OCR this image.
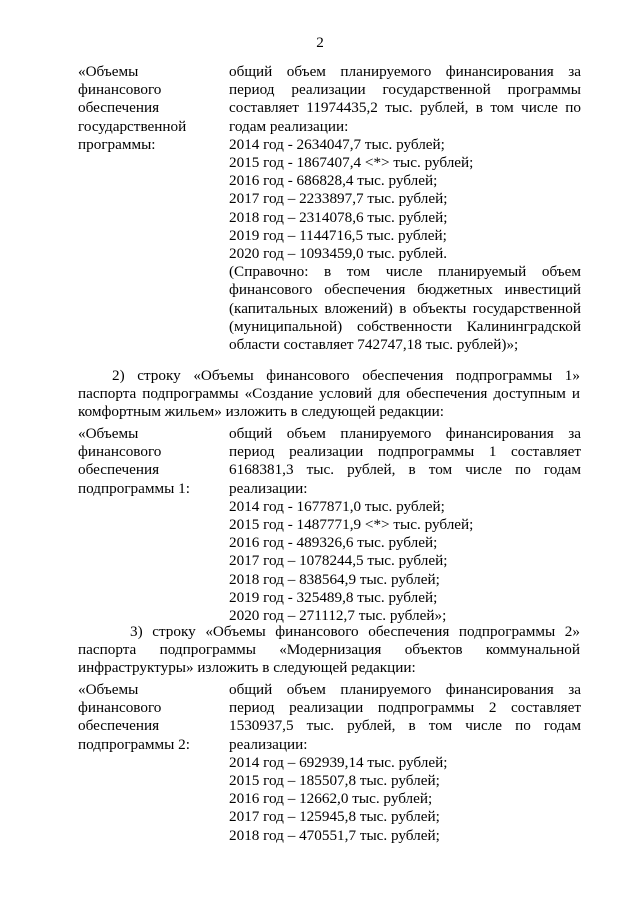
2
«Объемы
финансового
обеспечения
государственной
программы:
общий объем планируемого финансирования за
период реализации государственной программы
составляет 11974435,2 тыс. рублей, в том числе по
годам реализации:
2014 год - 2634047,7 тыс. рублей;
2015 год - 1867407,4 <*> тыс. рублей;
2016 год - 686828,4 тыс. рублей;
2017 год – 2233897,7 тыс. рублей;
2018 год – 2314078,6 тыс. рублей;
2019 год – 1144716,5 тыс. рублей;
2020 год – 1093459,0 тыс. рублей.
(Справочно: в том числе планируемый объем
финансового обеспечения бюджетных инвестиций
(капитальных вложений) в объекты государственной
(муниципальной) собственности Калининградской
области составляет 742747,18 тыс. рублей)»;
2) строку «Объемы финансового обеспечения подпрограммы 1»
паспорта подпрограммы «Создание условий для обеспечения доступным и
комфортным жильем» изложить в следующей редакции:
«Объемы
финансового
обеспечения
подпрограммы 1:
общий объем планируемого финансирования за
период реализации подпрограммы 1 составляет
6168381,3 тыс. рублей, в том числе по годам
реализации:
2014 год - 1677871,0 тыс. рублей;
2015 год - 1487771,9 <*> тыс. рублей;
2016 год - 489326,6 тыс. рублей;
2017 год – 1078244,5 тыс. рублей;
2018 год – 838564,9 тыс. рублей;
2019 год - 325489,8 тыс. рублей;
2020 год – 271112,7 тыс. рублей»;
3) строку «Объемы финансового обеспечения подпрограммы 2»
паспорта подпрограммы «Модернизация объектов коммунальной
инфраструктуры» изложить в следующей редакции:
«Объемы
финансового
обеспечения
подпрограммы 2:
общий объем планируемого финансирования за
период реализации подпрограммы 2 составляет
1530937,5 тыс. рублей, в том числе по годам
реализации:
2014 год – 692939,14 тыс. рублей;
2015 год – 185507,8 тыс. рублей;
2016 год – 12662,0 тыс. рублей;
2017 год – 125945,8 тыс. рублей;
2018 год – 470551,7 тыс. рублей;
